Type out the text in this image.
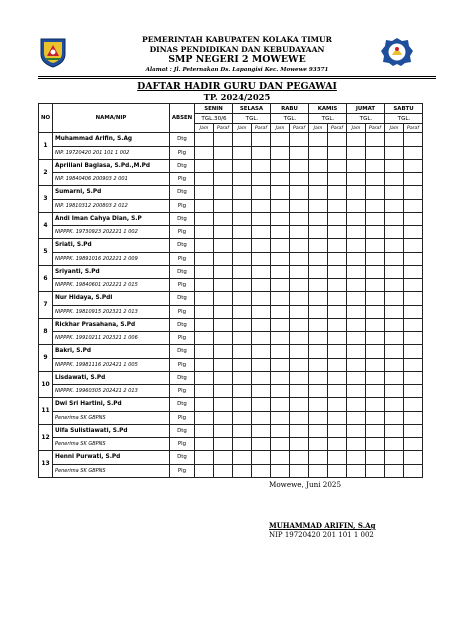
PEMERINTAH KABUPATEN KOLAKA TIMUR
DINAS PENDIDIKAN DAN KEBUDAYAAN
SMP NEGERI 2 MOWEWE
Alamat : Jl. Peternakan Ds. Lapangisi Kec. Mowewe 93571
DAFTAR HADIR GURU DAN PEGAWAI
TP. 2024/2025
NO	NAMA/NIP	ABSEN	SENIN		SELASA		RABU		KAMIS		JUMAT		SABTU	
			TGL.30/6		TGL.		TGL.		TGL.		TGL.		TGL.	
			Jam	Paraf	Jam	Paraf	Jam	Paraf	Jam	Paraf	Jam	Paraf	Jam	Paraf
1	Muhammad Arifin, S.Ag	Dtg												
	NIP. 19720420 201 101 1 002	Plg												
2	Apriliani Bagiasa, S.Pd.,M.Pd	Dtg												
	NIP. 19840406 200903 2 001	Plg												
3	Sumarni, S.Pd	Dtg												
	NIP. 19810312 200803 2 012	Plg												
4	Andi Iman Cahya Dian, S.P	Dtg												
	NIPPPK. 19730923 202221 1 002	Plg												
5	Sriati, S.Pd	Dtg												
	NIPPPK. 19891016 202221 2 009	Plg												
6	Sriyanti, S.Pd	Dtg												
	NIPPPK. 19840601 202221 2 015	Plg												
7	Nur Hidaya, S.PdI	Dtg												
	NIPPPK. 19810915 202321 2 013	Plg												
8	Rickhar Prasahana, S.Pd	Dtg												
	NIPPPK. 19910211 202321 1 006	Plg												
9	Bakri, S.Pd	Dtg												
	NIPPPK. 19981116 202421 1 005	Plg												
10	Lisdawati, S.Pd	Dtg												
	NIPPPK. 19960305 202421 2 013	Plg												
11	Dwi Sri Hartini, S.Pd	Dtg												
	Penerima SK GBPNS	Plg												
12	Ulfa Sulistiawati, S.Pd	Dtg												
	Penerima SK GBPNS	Plg												
13	Henni Purwati, S.Pd	Dtg												
	Penerima SK GBPNS	Plg												
Mowewe, Juni 2025
MUHAMMAD ARIFIN, S.Ag
NIP 19720420 201 101 1 002
